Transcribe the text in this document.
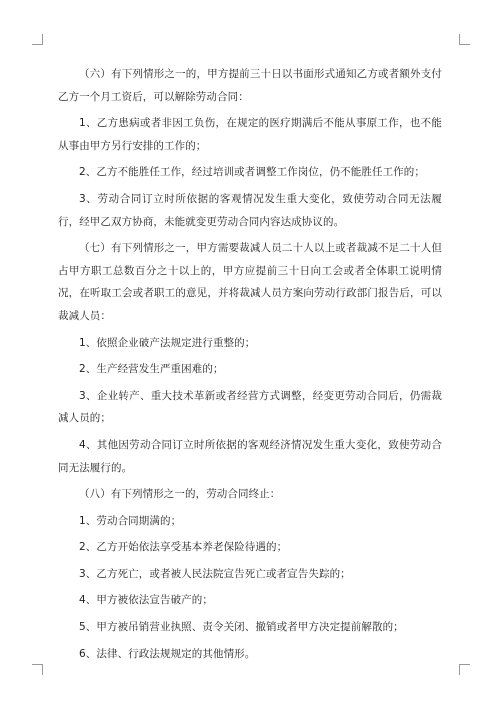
（六）有下列情形之一的，甲方提前三十日以书面形式通知乙方或者额外支付乙方一个月工资后，可以解除劳动合同：

1、乙方患病或者非因工负伤，在规定的医疗期满后不能从事原工作，也不能从事由甲方另行安排的工作的；

2、乙方不能胜任工作，经过培训或者调整工作岗位，仍不能胜任工作的；

3、劳动合同订立时所依据的客观情况发生重大变化，致使劳动合同无法履行，经甲乙双方协商，未能就变更劳动合同内容达成协议的。

（七）有下列情形之一，甲方需要裁减人员二十人以上或者裁减不足二十人但占甲方职工总数百分之十以上的，甲方应提前三十日向工会或者全体职工说明情况，在听取工会或者职工的意见，并将裁减人员方案向劳动行政部门报告后，可以裁减人员：

1、依照企业破产法规定进行重整的；

2、生产经营发生严重困难的；

3、企业转产、重大技术革新或者经营方式调整，经变更劳动合同后，仍需裁减人员的；

4、其他因劳动合同订立时所依据的客观经济情况发生重大变化，致使劳动合同无法履行的。

（八）有下列情形之一的，劳动合同终止：

1、劳动合同期满的；

2、乙方开始依法享受基本养老保险待遇的；

3、乙方死亡，或者被人民法院宣告死亡或者宣告失踪的；

4、甲方被依法宣告破产的；

5、甲方被吊销营业执照、责令关闭、撤销或者甲方决定提前解散的；

6、法律、行政法规规定的其他情形。
